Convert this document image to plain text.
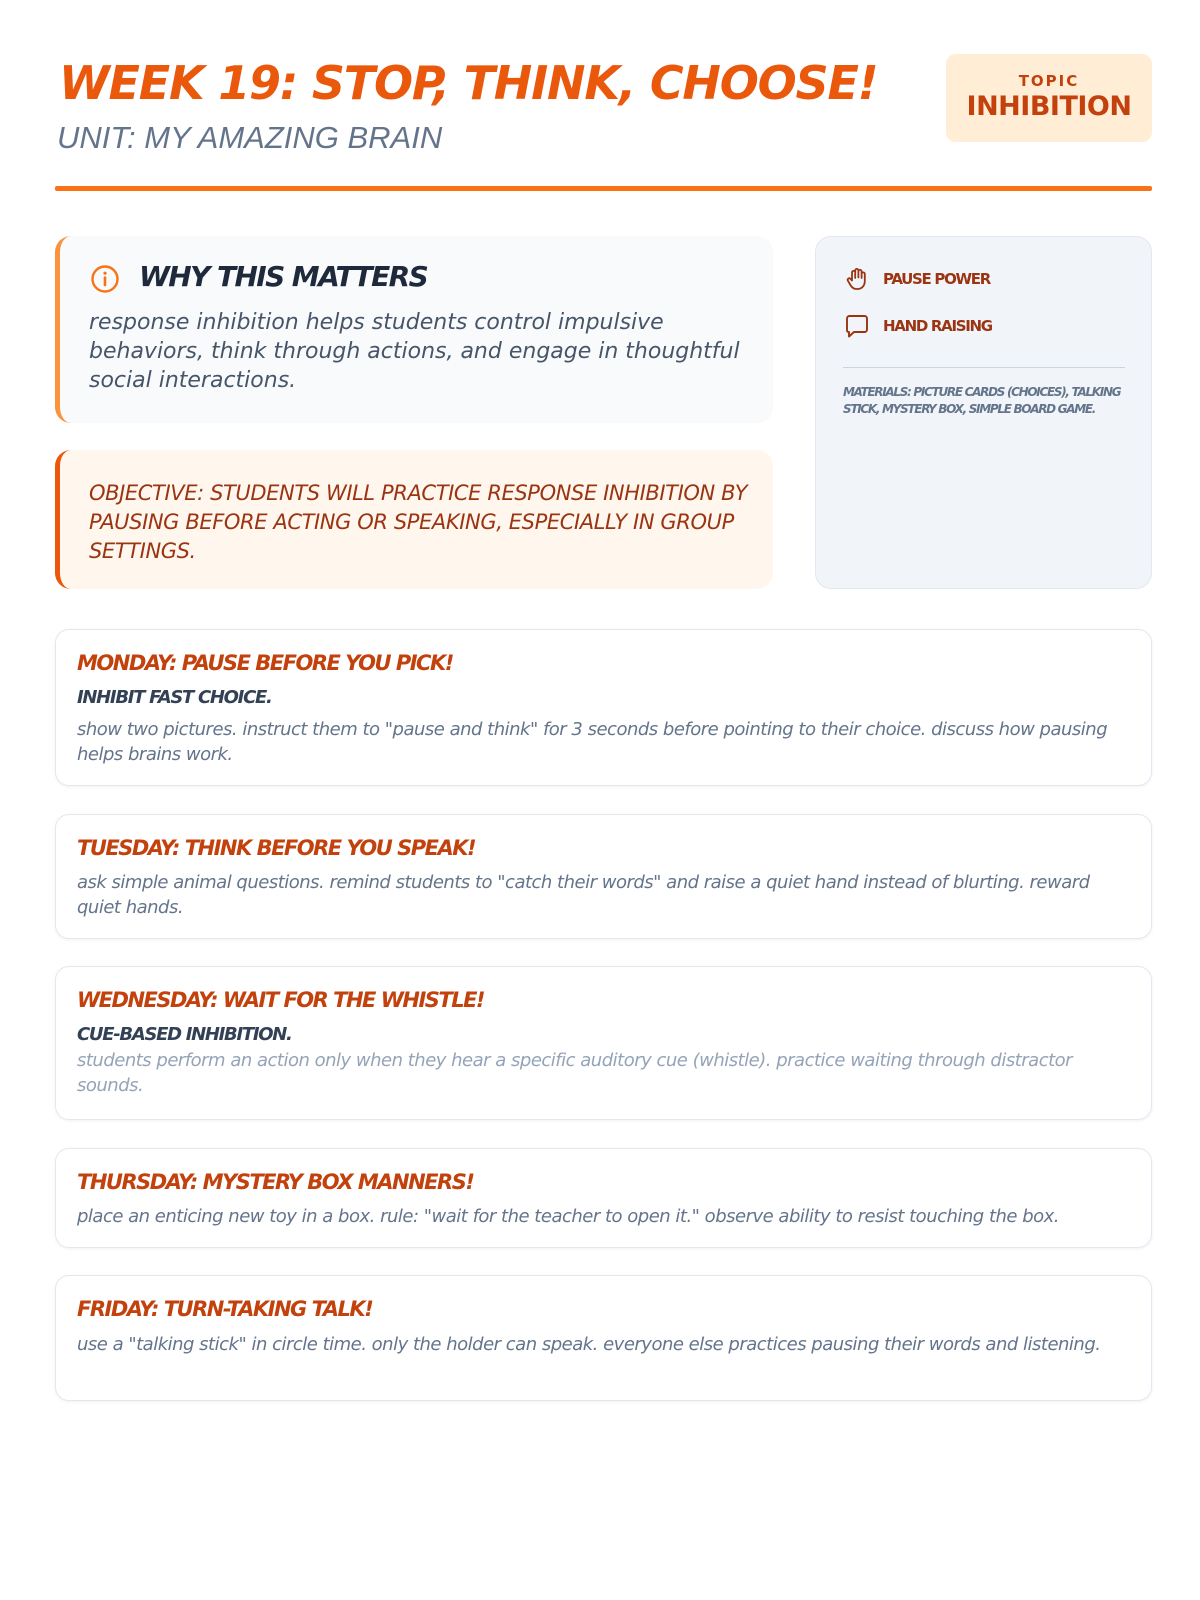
WEEK 19: STOP, THINK, CHOOSE!
UNIT: MY AMAZING BRAIN
TOPIC
INHIBITION
WHY THIS MATTERS

response inhibition helps students control impulsive behaviors, think through actions, and engage in thoughtful social interactions.

OBJECTIVE: STUDENTS WILL PRACTICE RESPONSE INHIBITION BY PAUSING BEFORE ACTING OR SPEAKING, ESPECIALLY IN GROUP SETTINGS.

PAUSE POWER
HAND RAISING

MATERIALS: PICTURE CARDS (CHOICES), TALKING STICK, MYSTERY BOX, SIMPLE BOARD GAME.

MONDAY: PAUSE BEFORE YOU PICK!
INHIBIT FAST CHOICE.

show two pictures. instruct them to "pause and think" for 3 seconds before pointing to their choice. discuss how pausing helps brains work.

TUESDAY: THINK BEFORE YOU SPEAK!

ask simple animal questions. remind students to "catch their words" and raise a quiet hand instead of blurting. reward quiet hands.

WEDNESDAY: WAIT FOR THE WHISTLE!
CUE-BASED INHIBITION.

students perform an action only when they hear a specific auditory cue (whistle). practice waiting through distractor sounds.

THURSDAY: MYSTERY BOX MANNERS!

place an enticing new toy in a box. rule: "wait for the teacher to open it." observe ability to resist touching the box.

FRIDAY: TURN-TAKING TALK!

use a "talking stick" in circle time. only the holder can speak. everyone else practices pausing their words and listening.
